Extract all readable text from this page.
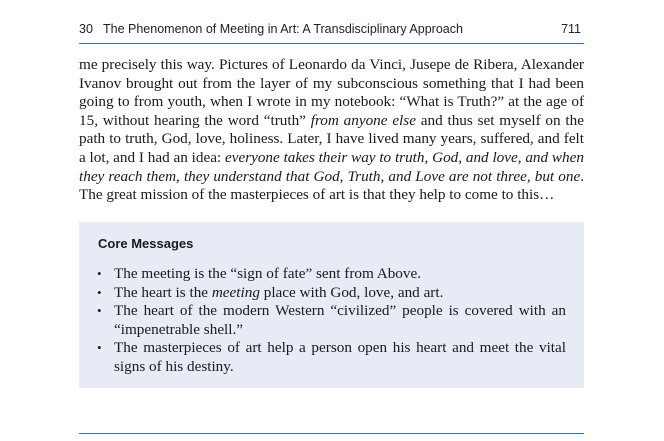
30 The Phenomenon of Meeting in Art: A Transdisciplinary Approach	711

me precisely this way. Pictures of Leonardo da Vinci, Jusepe de Ribera, Alexander Ivanov brought out from the layer of my subconscious something that I had been going to from youth, when I wrote in my notebook: “What is Truth?” at the age of 15, without hearing the word “truth” from anyone else and thus set myself on the path to truth, God, love, holiness. Later, I have lived many years, suffered, and felt a lot, and I had an idea: everyone takes their way to truth, God, and love, and when they reach them, they understand that God, Truth, and Love are not three, but one. The great mission of the masterpieces of art is that they help to come to this…

Core Messages
• The meeting is the “sign of fate” sent from Above.
• The heart is the meeting place with God, love, and art.
• The heart of the modern Western “civilized” people is covered with an “impenetrable shell.”
• The masterpieces of art help a person open his heart and meet the vital signs of his destiny.
